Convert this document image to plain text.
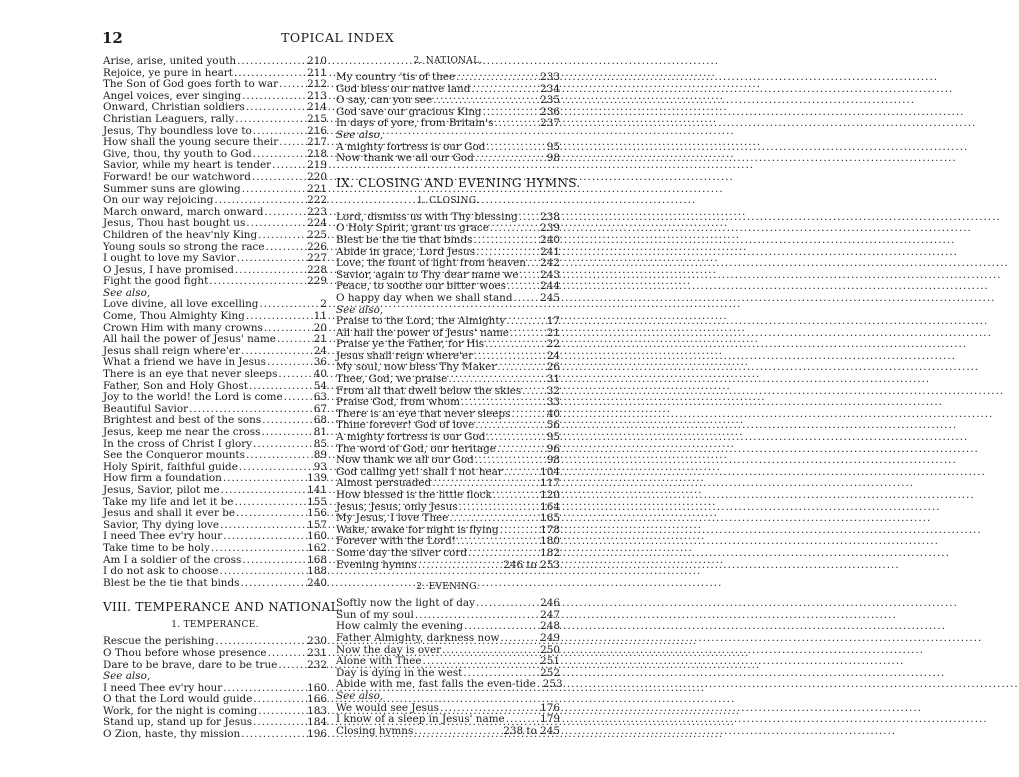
12	TOPICAL INDEX
Arise, arise, united youth .....	210
Rejoice, ye pure in heart .....	211
The Son of God goes forth to war .....	212
Angel voices, ever singing .....	213
Onward, Christian soldiers .....	214
Christian Leaguers, rally .....	215
Jesus, Thy boundless love to .....	216
How shall the young secure their .....	217
Give, thou, thy youth to God .....	218
Savior, while my heart is tender .....	219
Forward! be our watchword .....	220
Summer suns are glowing .....	221
On our way rejoicing .....	222
March onward, march onward .....	223
Jesus, Thou hast bought us .....	224
Children of the heav'nly King .....	225
Young souls so strong the race .....	226
I ought to love my Savior .....	227
O Jesus, I have promised .....	228
Fight the good fight .....	229
See also,
Love divine, all love excelling .....	2
Come, Thou Almighty King .....	11
Crown Him with many crowns .....	20
All hail the power of Jesus' name .....	21
Jesus shall reign where'er .....	24
What a friend we have in Jesus .....	36
There is an eye that never sleeps .....	40
Father, Son and Holy Ghost .....	54
Joy to the world! the Lord is come .....	63
Beautiful Savior .....	67
Brightest and best of the sons .....	68
Jesus, keep me near the cross .....	81
In the cross of Christ I glory .....	85
See the Conqueror mounts .....	89
Holy Spirit, faithful guide .....	93
How firm a foundation .....	139
Jesus, Savior, pilot me .....	141
Take my life and let it be .....	155
Jesus and shall it ever be .....	156
Savior, Thy dying love .....	157
I need Thee ev'ry hour .....	160
Take time to be holy .....	162
Am I a soldier of the cross .....	168
I do not ask to choose .....	188
Blest be the tie that binds .....	240
VIII. TEMPERANCE AND NATIONAL.
1. TEMPERANCE.
Rescue the perishing .....	230
O Thou before whose presence .....	231
Dare to be brave, dare to be true .....	232
See also,
I need Thee ev'ry hour .....	160
O that the Lord would guide .....	166
Work, for the night is coming .....	183
Stand up, stand up for Jesus .....	184
O Zion, haste, thy mission .....	196
2. NATIONAL.
My country 'tis of thee .....	233
God bless our native land .....	234
O say, can you see .....	235
God save our gracious King .....	236
In days of yore, from Britain's .....	237
See also,
A mighty fortress is our God .....	95
Now thank we all our God .....	98
IX. CLOSING AND EVENING HYMNS.
1. CLOSING.
Lord, dismiss us with Thy blessing ..... 238
O Holy Spirit, grant us grace .....	239
Blest be the tie that binds .....	240
Abide in grace, Lord Jesus .....	241
Love, the fount of light from heaven ..... 242
Savior, again to Thy dear name we ..... 243
Peace, to soothe our bitter woes .....	244
O happy day when we shall stand .....	245
See also,
Praise to the Lord, the Almighty .....	17
All hail the power of Jesus' name .....	21
Praise ye the Father, for His .....	22
Jesus shall reign where'er .....	24
My soul, now bless Thy Maker .....	26
Thee, God, we praise .....	31
From all that dwell below the skies ..... 32
Praise God, from whom .....	33
There is an eye that never sleeps .....	40
Thine forever! God of love .....	56
A mighty fortress is our God .....	95
The word of God, our heritage .....	96
Now thank we all our God .....	98
God calling yet! shall I not hear .....	104
Almost persuaded .....	117
How blessed is the little flock .....	120
Jesus, Jesus, only Jesus .....	164
My Jesus, I love Thee .....	165
Wake, awake for night is flying .....	178
Forever with the Lord! .....	180
Some day the silver cord .....	182
Evening hymns .....	246 to 253
2. EVENING.
Softly now the light of day .....	246
Sun of my soul .....	247
How calmly the evening .....	248
Father Almighty, darkness now .....	249
Now the day is over .....	250
Alone with Thee .....	251
Day is dying in the west .....	252
Abide with me, fast falls the even-tide ..... 253
See also,
We would see Jesus .....	176
I know of a sleep in Jesus' name .....	179
Closing hymns .....	238 to 245
